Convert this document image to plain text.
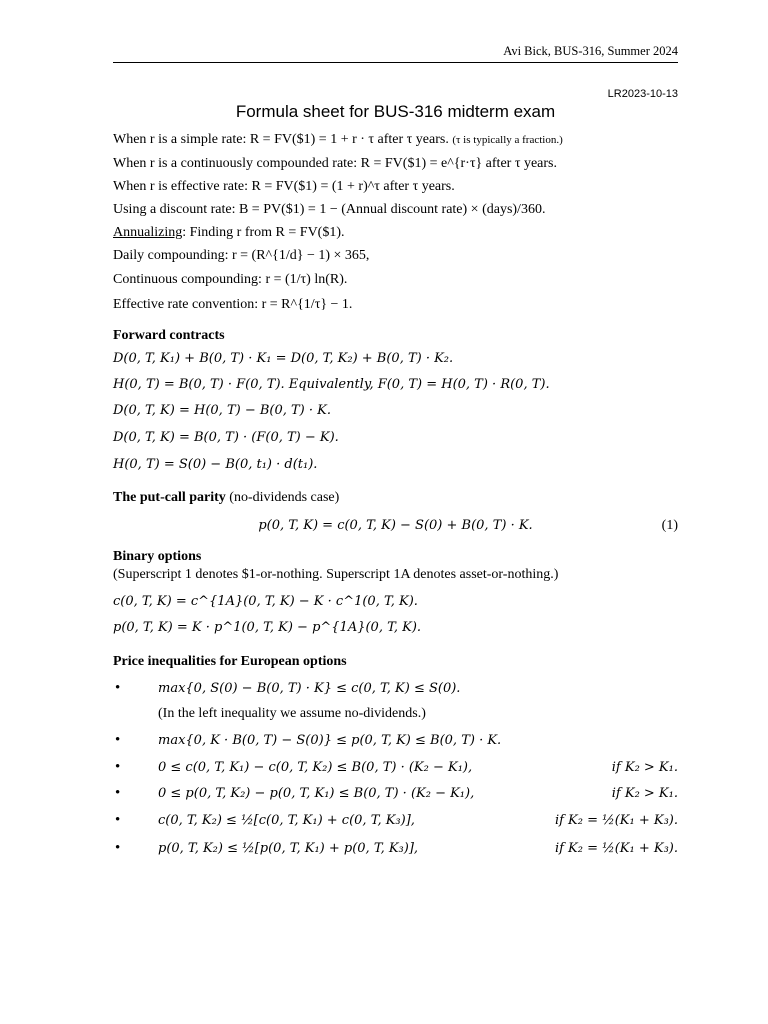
Avi Bick, BUS-316, Summer 2024
LR2023-10-13
Formula sheet for BUS-316 midterm exam
When r is a simple rate: R = FV($1) = 1 + r · τ after τ years. (τ is typically a fraction.)
When r is a continuously compounded rate: R = FV($1) = e^{r·τ} after τ years.
When r is effective rate: R = FV($1) = (1 + r)^τ after τ years.
Using a discount rate: B = PV($1) = 1 − (Annual discount rate) × (days)/360.
Annualizing: Finding r from R = FV($1).
Daily compounding: r = (R^{1/d} − 1) × 365,
Continuous compounding: r = (1/τ) ln(R).
Effective rate convention: r = R^{1/τ} − 1.
Forward contracts
D(0, T, K₁) + B(0, T) · K₁ = D(0, T, K₂) + B(0, T) · K₂.
H(0, T) = B(0, T) · F(0, T). Equivalently, F(0, T) = H(0, T) · R(0, T).
D(0, T, K) = H(0, T) − B(0, T) · K.
D(0, T, K) = B(0, T) · (F(0, T) − K).
H(0, T) = S(0) − B(0, t₁) · d(t₁).
The put-call parity (no-dividends case)
p(0, T, K) = c(0, T, K) − S(0) + B(0, T) · K.	(1)
Binary options
(Superscript 1 denotes $1-or-nothing. Superscript 1A denotes asset-or-nothing.)
c(0, T, K) = c^{1A}(0, T, K) − K · c^1(0, T, K).
p(0, T, K) = K · p^1(0, T, K) − p^{1A}(0, T, K).
Price inequalities for European options
•	max{0, S(0) − B(0, T) · K} ≤ c(0, T, K) ≤ S(0).
(In the left inequality we assume no-dividends.)
•	max{0, K · B(0, T) − S(0)} ≤ p(0, T, K) ≤ B(0, T) · K.
•	0 ≤ c(0, T, K₁) − c(0, T, K₂) ≤ B(0, T) · (K₂ − K₁),	if K₂ > K₁.
•	0 ≤ p(0, T, K₂) − p(0, T, K₁) ≤ B(0, T) · (K₂ − K₁),	if K₂ > K₁.
•	c(0, T, K₂) ≤ ½[c(0, T, K₁) + c(0, T, K₃)],	if K₂ = ½(K₁ + K₃).
•	p(0, T, K₂) ≤ ½[p(0, T, K₁) + p(0, T, K₃)],	if K₂ = ½(K₁ + K₃).
